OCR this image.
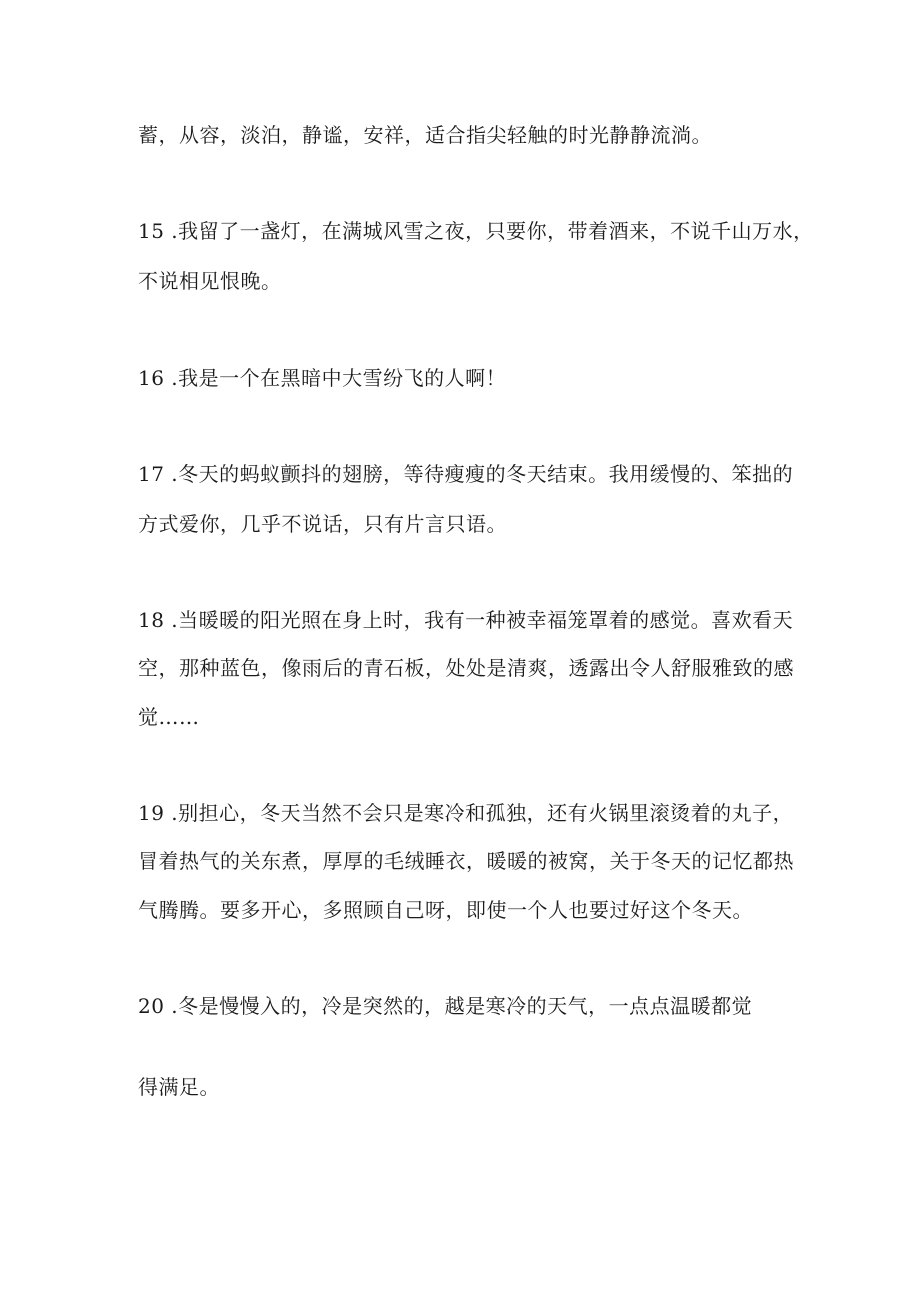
蓄，从容，淡泊，静谧，安祥，适合指尖轻触的时光静静流淌。
15 .我留了一盏灯，在满城风雪之夜，只要你，带着酒来，不说千山万水，
不说相见恨晚。
16 .我是一个在黑暗中大雪纷飞的人啊！
17 .冬天的蚂蚁颤抖的翅膀，等待瘦瘦的冬天结束。我用缓慢的、笨拙的
方式爱你，几乎不说话，只有片言只语。
18 .当暖暖的阳光照在身上时，我有一种被幸福笼罩着的感觉。喜欢看天
空，那种蓝色，像雨后的青石板，处处是清爽，透露出令人舒服雅致的感
觉……
19 .别担心，冬天当然不会只是寒冷和孤独，还有火锅里滚烫着的丸子，
冒着热气的关东煮，厚厚的毛绒睡衣，暖暖的被窝，关于冬天的记忆都热
气腾腾。要多开心，多照顾自己呀，即使一个人也要过好这个冬天。
20 .冬是慢慢入的，冷是突然的，越是寒冷的天气，一点点温暖都觉
得满足。
